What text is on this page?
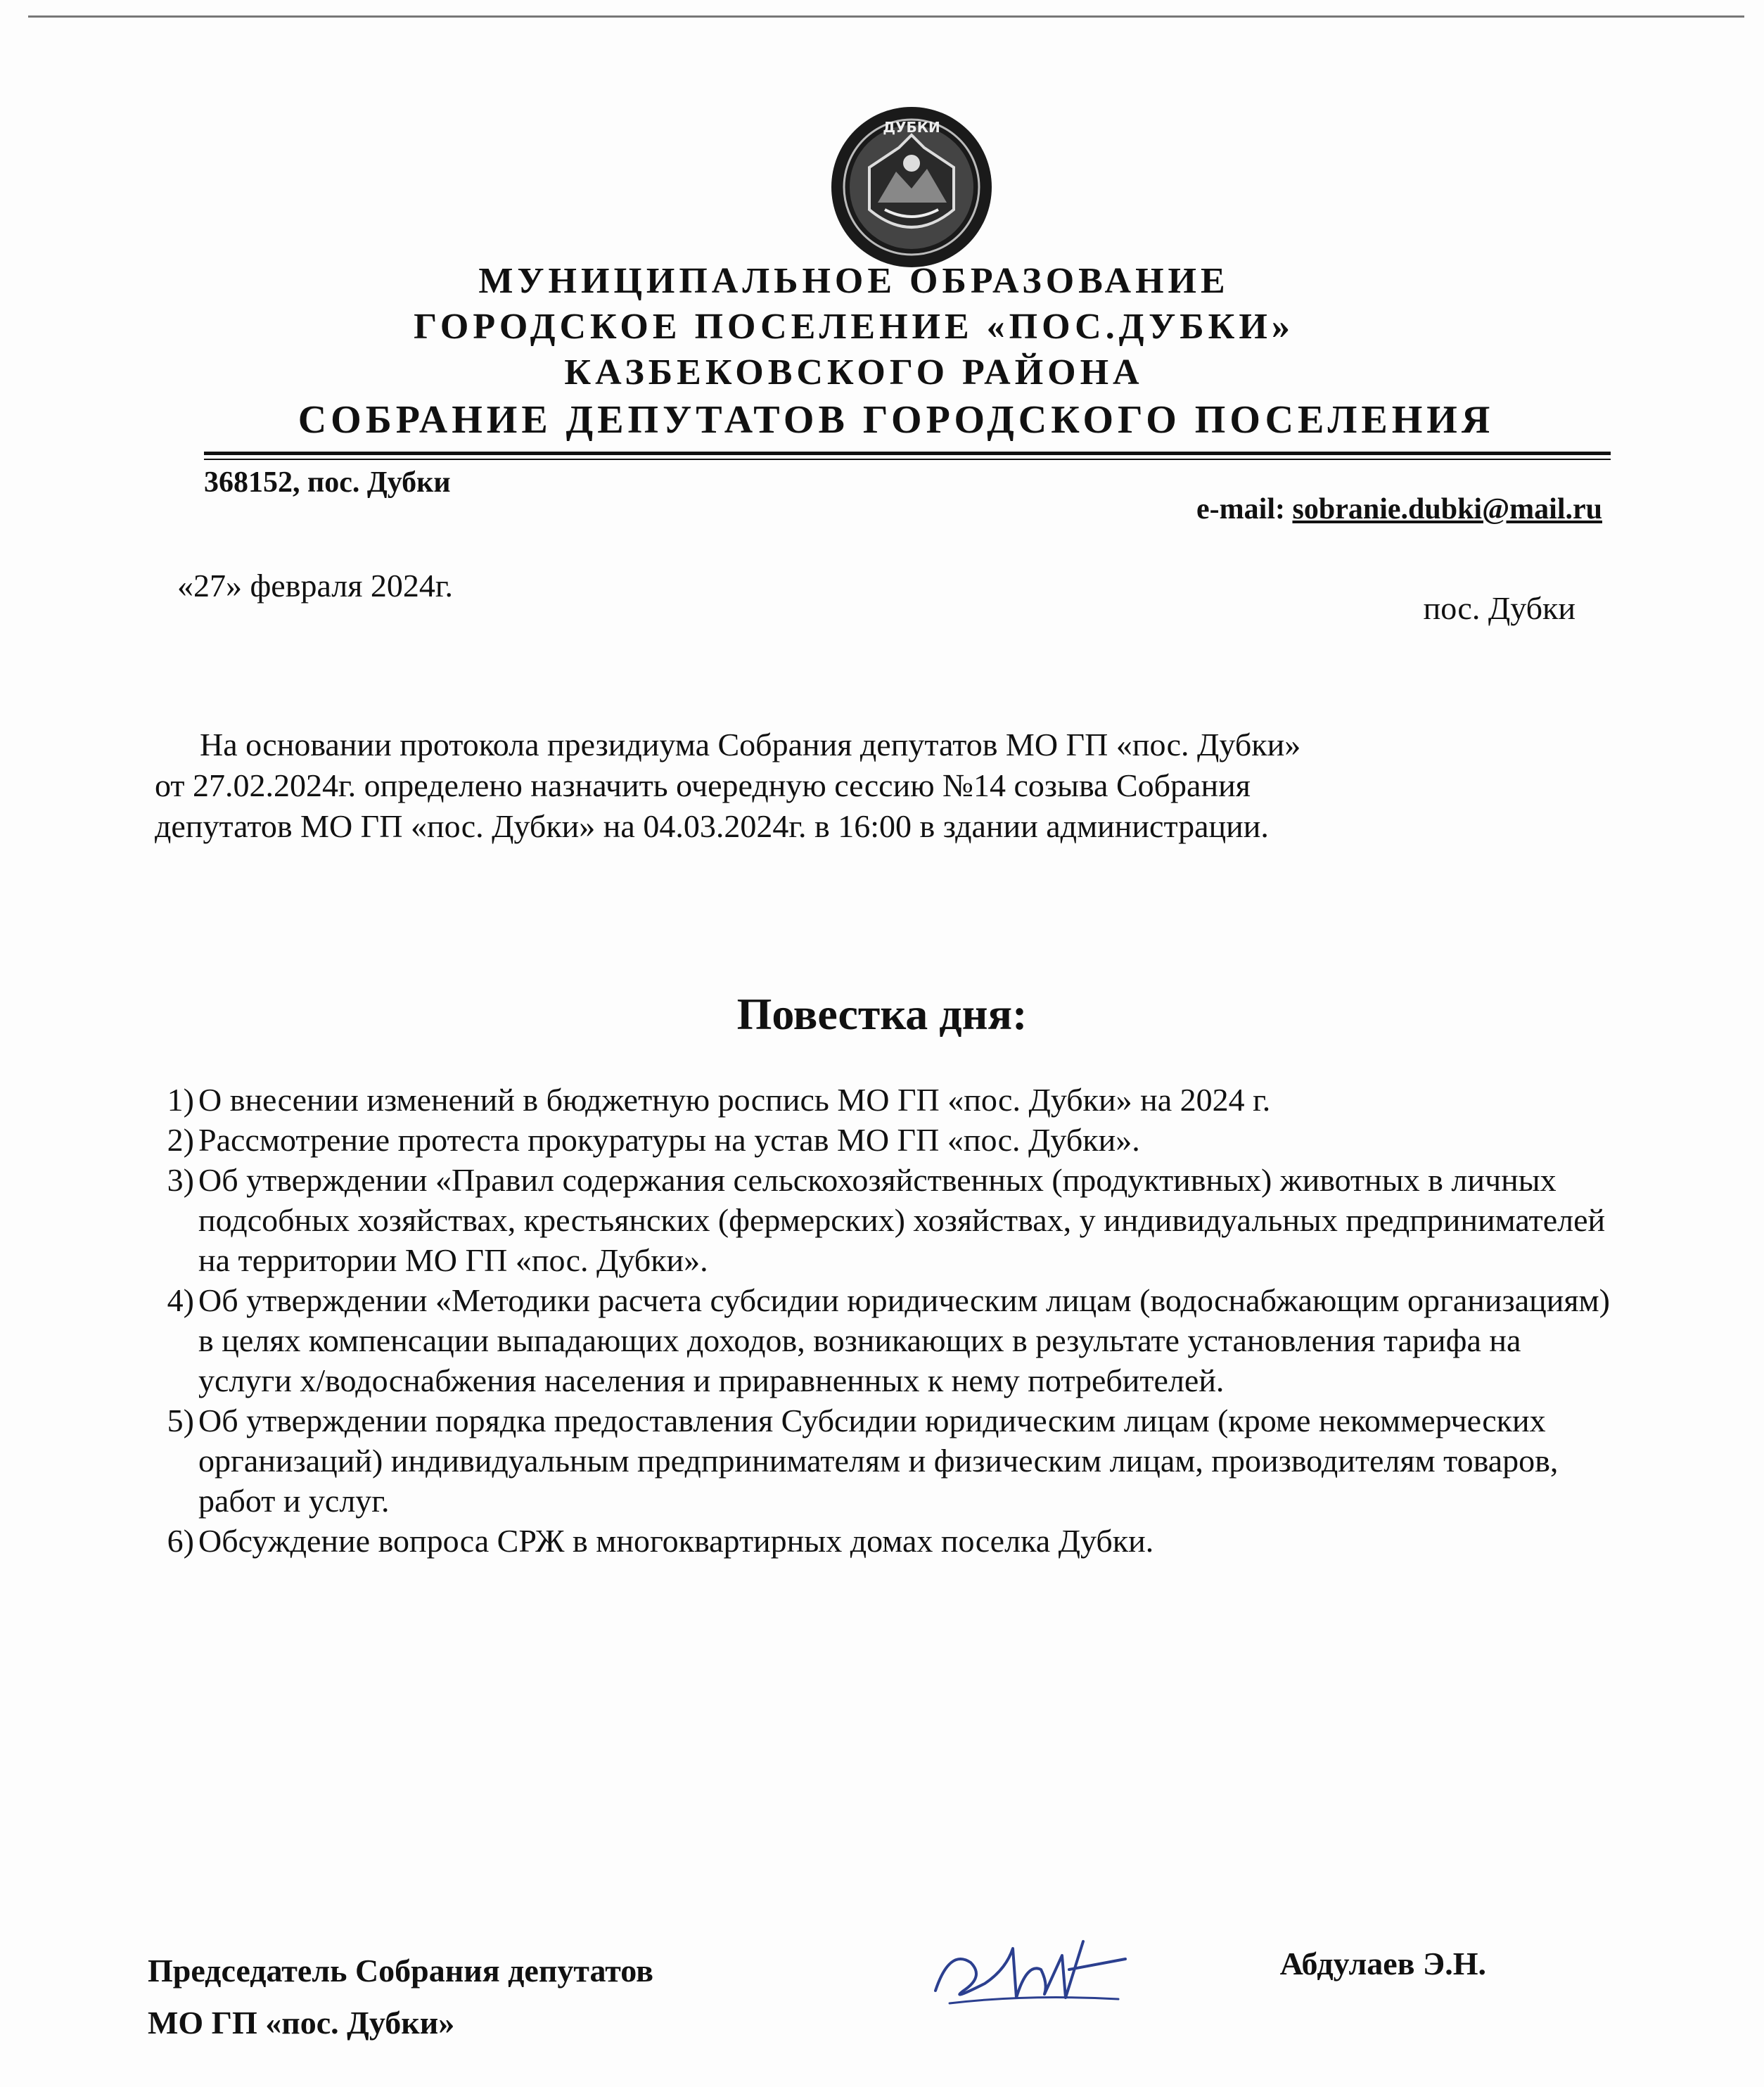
ДУБКИ
МУНИЦИПАЛЬНОЕ ОБРАЗОВАНИЕ
ГОРОДСКОЕ ПОСЕЛЕНИЕ «ПОС.ДУБКИ»
КАЗБЕКОВСКОГО РАЙОНА
СОБРАНИЕ ДЕПУТАТОВ ГОРОДСКОГО ПОСЕЛЕНИЯ
368152, пос. Дубки
e-mail: sobranie.dubki@mail.ru
«27» февраля 2024г.
пос. Дубки

На основании протокола президиума Собрания депутатов МО ГП «пос. Дубки»

от 27.02.2024г. определено назначить очередную сессию №14 созыва Собрания

депутатов МО ГП «пос. Дубки» на 04.03.2024г. в 16:00 в здании администрации.

Повестка дня:

1) О внесении изменений в бюджетную роспись МО ГП «пос. Дубки» на 2024 г.

2) Рассмотрение протеста прокуратуры на устав МО ГП «пос. Дубки».

3) Об утверждении «Правил содержания сельскохозяйственных (продуктивных) животных в личных подсобных хозяйствах, крестьянских (фермерских) хозяйствах, у индивидуальных предпринимателей на территории МО ГП «пос. Дубки».

4) Об утверждении «Методики расчета субсидии юридическим лицам (водоснабжающим организациям) в целях компенсации выпадающих доходов, возникающих в результате установления тарифа на услуги х/водоснабжения населения и приравненных к нему потребителей.

5) Об утверждении порядка предоставления Субсидии юридическим лицам (кроме некоммерческих организаций) индивидуальным предпринимателям и физическим лицам, производителям товаров, работ и услуг.

6) Обсуждение вопроса СРЖ в многоквартирных домах поселка Дубки.

Председатель Собрания депутатов
МО ГП «пос. Дубки»
Абдулаев Э.Н.
